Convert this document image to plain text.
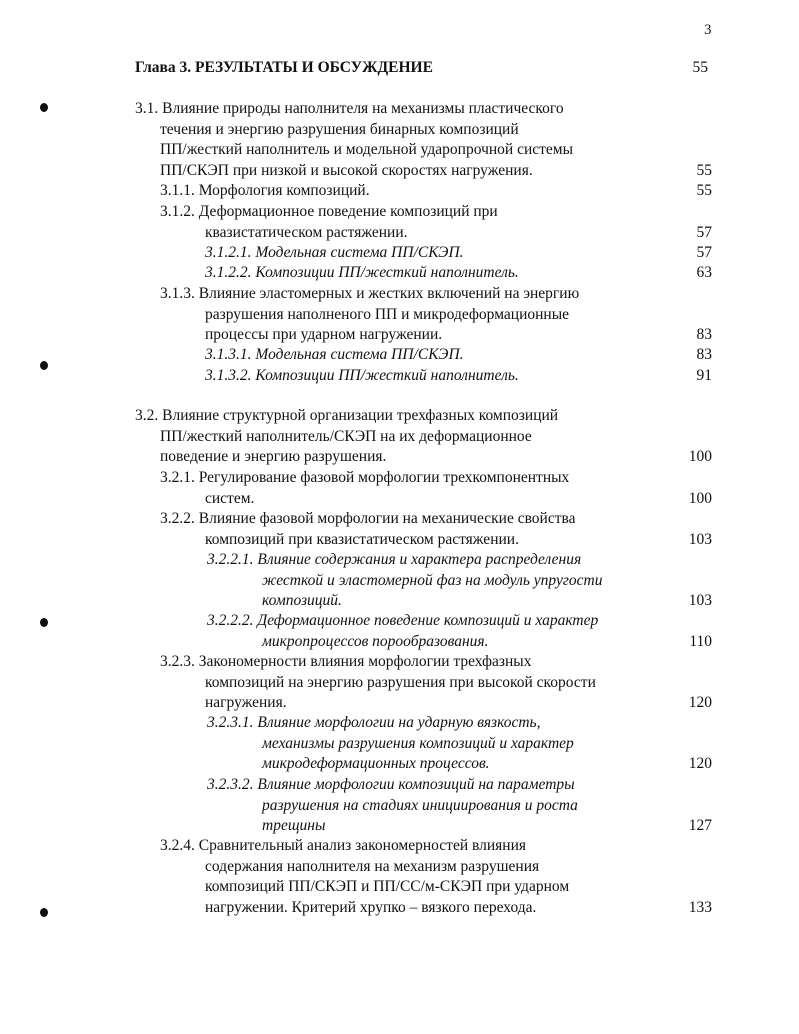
3
Глава 3. РЕЗУЛЬТАТЫ И ОБСУЖДЕНИЕ	55
3.1. Влияние природы наполнителя на механизмы пластического
течения и энергию разрушения бинарных композиций
ПП/жесткий наполнитель и модельной ударопрочной системы
ПП/СКЭП при низкой и высокой скоростях нагружения.	55
3.1.1. Морфология композиций.	55
3.1.2. Деформационное поведение композиций при
квазистатическом растяжении.	57
3.1.2.1. Модельная система ПП/СКЭП.	57
3.1.2.2. Композиции ПП/жесткий наполнитель.	63
3.1.3. Влияние эластомерных и жестких включений на энергию
разрушения наполненого ПП и микродеформационные
процессы при ударном нагружении.	83
3.1.3.1. Модельная система ПП/СКЭП.	83
3.1.3.2. Композиции ПП/жесткий наполнитель.	91
3.2. Влияние структурной организации трехфазных композиций
ПП/жесткий наполнитель/СКЭП на их деформационное
поведение и энергию разрушения.	100
3.2.1. Регулирование фазовой морфологии трехкомпонентных
систем.	100
3.2.2. Влияние фазовой морфологии на механические свойства
композиций при квазистатическом растяжении.	103
3.2.2.1. Влияние содержания и характера распределения
жесткой и эластомерной фаз на модуль упругости
композиций.	103
3.2.2.2. Деформационное поведение композиций и характер
микропроцессов порообразования.	110
3.2.3. Закономерности влияния морфологии трехфазных
композиций на энергию разрушения при высокой скорости
нагружения.	120
3.2.3.1. Влияние морфологии на ударную вязкость,
механизмы разрушения композиций и характер
микродеформационных процессов.	120
3.2.3.2. Влияние морфологии композиций на параметры
разрушения на стадиях инициирования и роста
трещины	127
3.2.4. Сравнительный анализ закономерностей влияния
содержания наполнителя на механизм разрушения
композиций ПП/СКЭП и ПП/СС/м-СКЭП при ударном
нагружении. Критерий хрупко – вязкого перехода.	133
